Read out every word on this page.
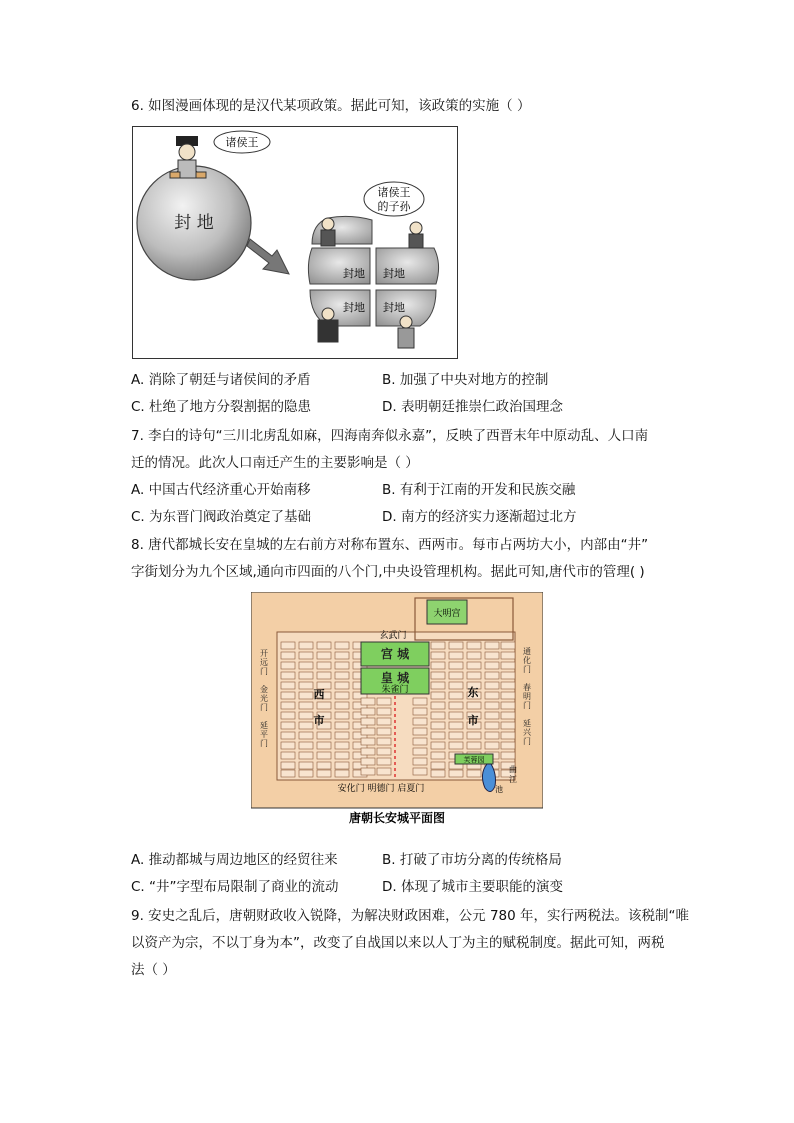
6. 如图漫画体现的是汉代某项政策。据此可知，该政策的实施（ ）
封 地
诸侯王
封地 封地
封地 封地
诸侯王
的子孙
A. 消除了朝廷与诸侯间的矛盾	B. 加强了中央对地方的控制
C. 杜绝了地方分裂割据的隐患	D. 表明朝廷推崇仁政治国理念
7. 李白的诗句“三川北虏乱如麻，四海南奔似永嘉”，反映了西晋末年中原动乱、人口南
迁的情况。此次人口南迁产生的主要影响是（ ）
A. 中国古代经济重心开始南移	B. 有利于江南的开发和民族交融
C. 为东晋门阀政治奠定了基础	D. 南方的经济实力逐渐超过北方
8. 唐代都城长安在皇城的左右前方对称布置东、西两市。每市占两坊大小，内部由“井”
字街划分为九个区域,通向市四面的八个门,中央设管理机构。据此可知,唐代市的管理( )
大明宫
玄武门
宫 城
皇 城
朱雀门
西
市
东
市
开
远
门
金
光
门
延
平
门
通
化
门
春
明
门
延
兴
门
芙蓉园
曲
江
池
安化门 明德门 启夏门
唐朝长安城平面图
A. 推动都城与周边地区的经贸往来	B. 打破了市坊分离的传统格局
C. “井”字型布局限制了商业的流动	D. 体现了城市主要职能的演变
9. 安史之乱后，唐朝财政收入锐降，为解决财政困难，公元 780 年，实行两税法。该税制“唯
以资产为宗，不以丁身为本”，改变了自战国以来以人丁为主的赋税制度。据此可知，两税
法（ ）
